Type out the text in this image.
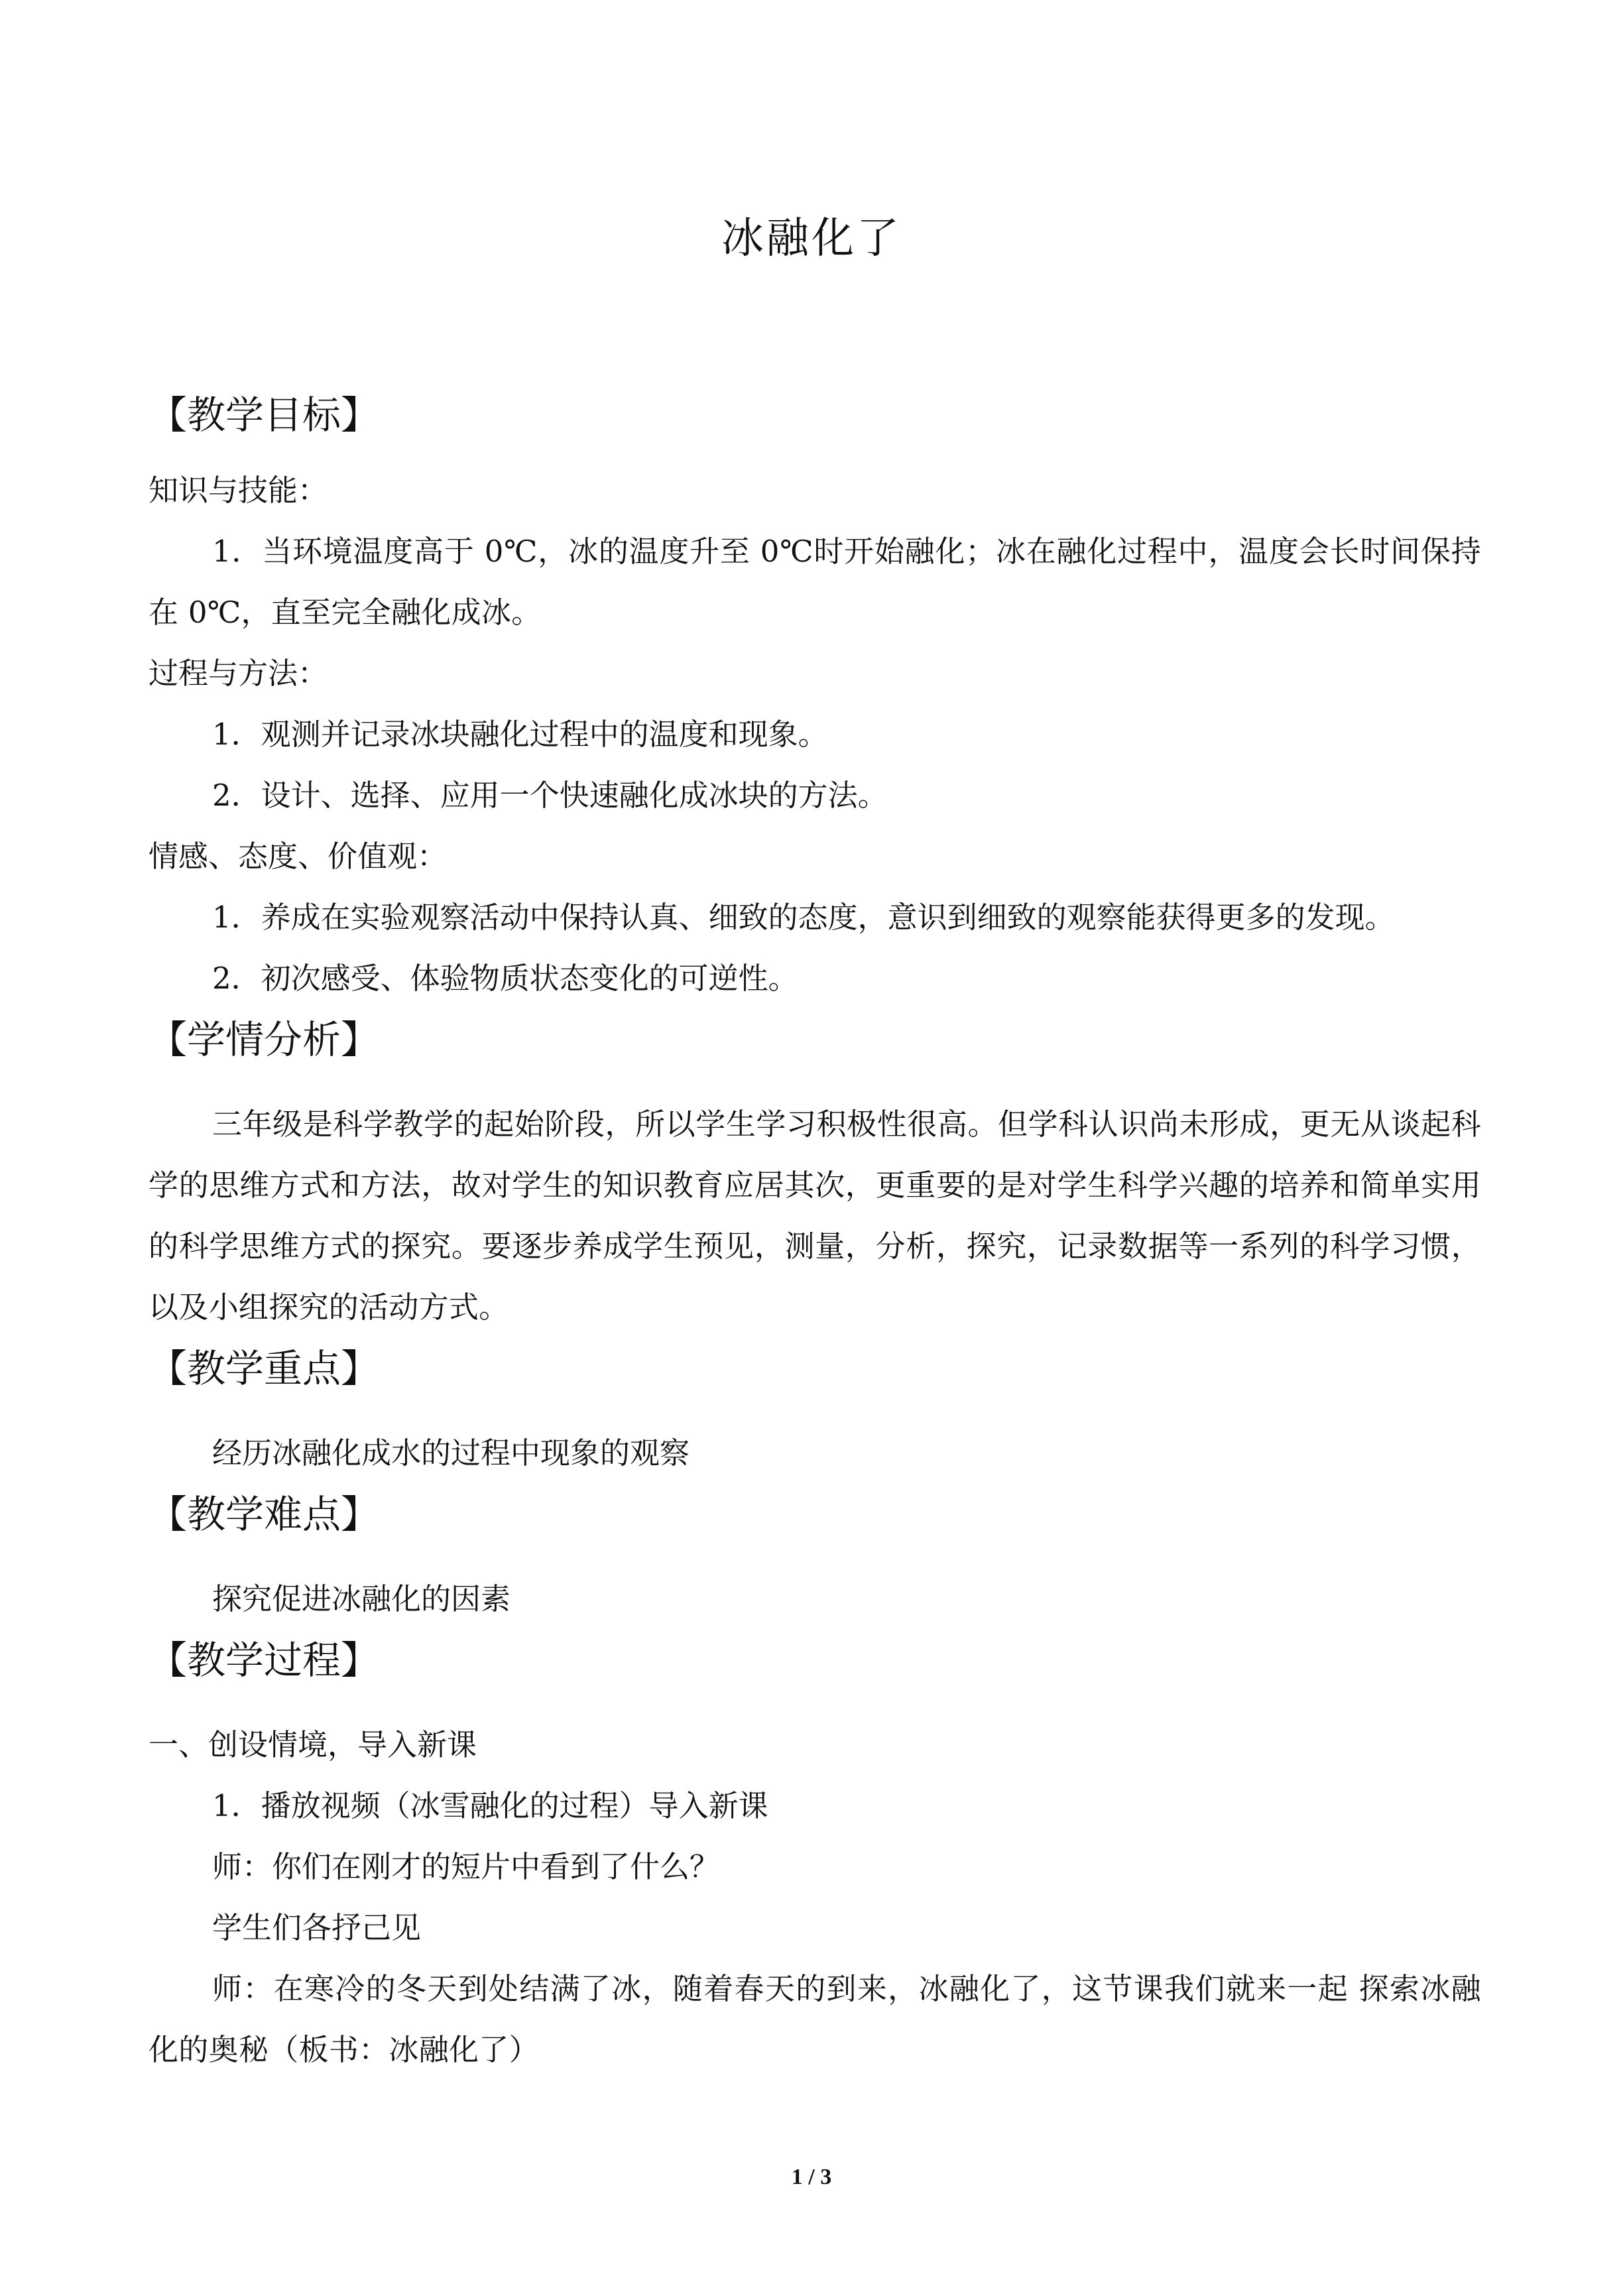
冰融化了
【教学目标】
知识与技能：
1．当环境温度高于 0℃，冰的温度升至 0℃时开始融化；冰在融化过程中，温度会长时间保持在 0℃，直至完全融化成冰。
过程与方法：
1．观测并记录冰块融化过程中的温度和现象。
2．设计、选择、应用一个快速融化成冰块的方法。
情感、态度、价值观：
1．养成在实验观察活动中保持认真、细致的态度，意识到细致的观察能获得更多的发现。
2．初次感受、体验物质状态变化的可逆性。
【学情分析】
三年级是科学教学的起始阶段，所以学生学习积极性很高。但学科认识尚未形成，更无从谈起科学的思维方式和方法，故对学生的知识教育应居其次，更重要的是对学生科学兴趣的培养和简单实用的科学思维方式的探究。要逐步养成学生预见，测量，分析，探究，记录数据等一系列的科学习惯，以及小组探究的活动方式。
【教学重点】
经历冰融化成水的过程中现象的观察
【教学难点】
探究促进冰融化的因素
【教学过程】
一、创设情境，导入新课
1．播放视频（冰雪融化的过程）导入新课
师：你们在刚才的短片中看到了什么？
学生们各抒己见
师：在寒冷的冬天到处结满了冰，随着春天的到来，冰融化了，这节课我们就来一起 探索冰融化的奥秘（板书：冰融化了）
1 / 3
